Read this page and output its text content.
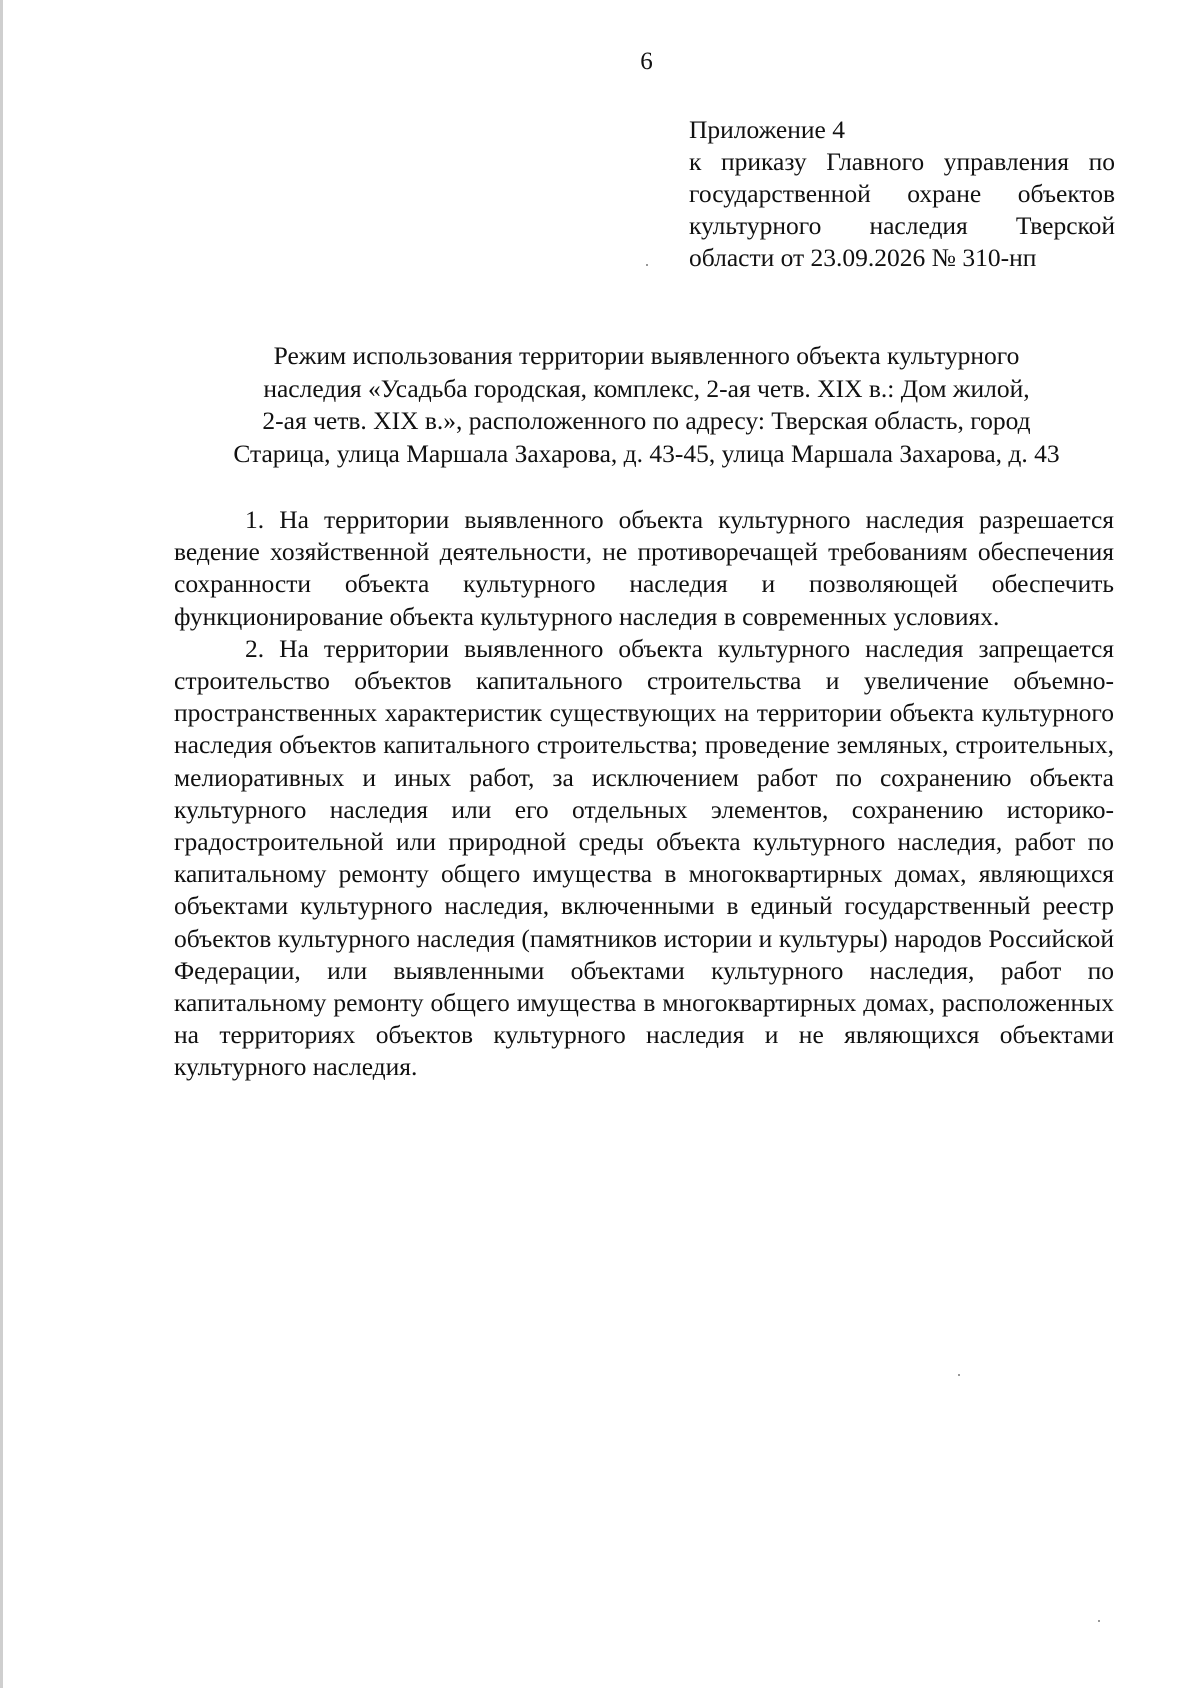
6
Приложение 4
к приказу Главного управления по государственной охране объектов культурного наследия Тверской области от 23.09.2026 № 310-нп
Режим использования территории выявленного объекта культурного
наследия «Усадьба городская, комплекс, 2-ая четв. XIX в.: Дом жилой,
2-ая четв. XIX в.», расположенного по адресу: Тверская область, город
Старица, улица Маршала Захарова, д. 43-45, улица Маршала Захарова, д. 43

1. На территории выявленного объекта культурного наследия разрешается ведение хозяйственной деятельности, не противоречащей требованиям обеспечения сохранности объекта культурного наследия и позволяющей обеспечить функционирование объекта культурного наследия в современных условиях.

2. На территории выявленного объекта культурного наследия запрещается строительство объектов капитального строительства и увеличение объемно-пространственных характеристик существующих на территории объекта культурного наследия объектов капитального строительства; проведение земляных, строительных, мелиоративных и иных работ, за исключением работ по сохранению объекта культурного наследия или его отдельных элементов, сохранению историко-градостроительной или природной среды объекта культурного наследия, работ по капитальному ремонту общего имущества в многоквартирных домах, являющихся объектами культурного наследия, включенными в единый государственный реестр объектов культурного наследия (памятников истории и культуры) народов Российской Федерации, или выявленными объектами культурного наследия, работ по капитальному ремонту общего имущества в многоквартирных домах, расположенных на территориях объектов культурного наследия и не являющихся объектами культурного наследия.
